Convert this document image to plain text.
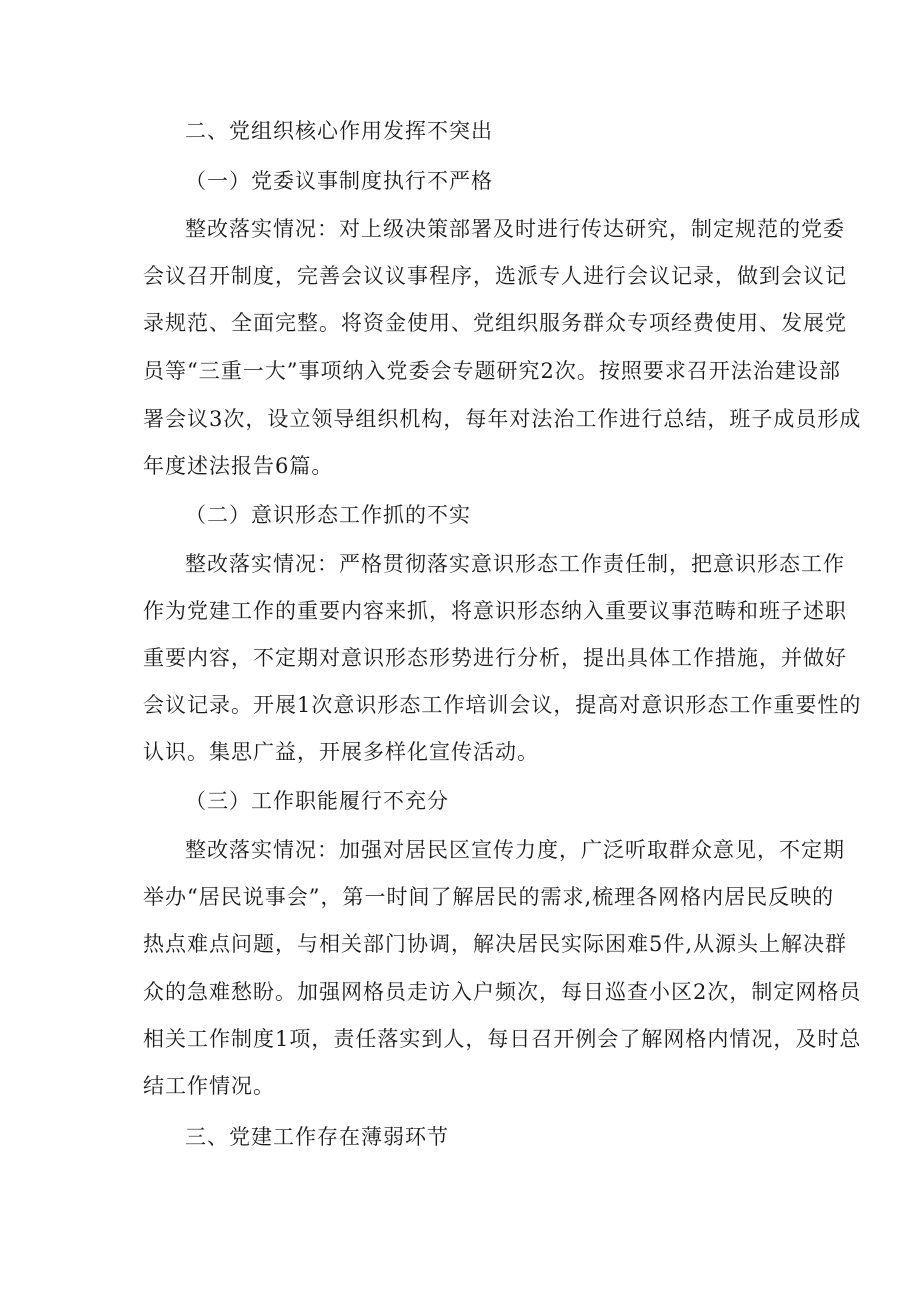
二、党组织核心作用发挥不突出
（一）党委议事制度执行不严格
整改落实情况：对上级决策部署及时进行传达研究，制定规范的党委
会议召开制度，完善会议议事程序，选派专人进行会议记录，做到会议记
录规范、全面完整。将资金使用、党组织服务群众专项经费使用、发展党
员等“三重一大”事项纳入党委会专题研究2次。按照要求召开法治建设部
署会议3次，设立领导组织机构，每年对法治工作进行总结，班子成员形成
年度述法报告6篇。
（二）意识形态工作抓的不实
整改落实情况：严格贯彻落实意识形态工作责任制，把意识形态工作
作为党建工作的重要内容来抓，将意识形态纳入重要议事范畴和班子述职
重要内容，不定期对意识形态形势进行分析，提出具体工作措施，并做好
会议记录。开展1次意识形态工作培训会议，提高对意识形态工作重要性的
认识。集思广益，开展多样化宣传活动。
（三）工作职能履行不充分
整改落实情况：加强对居民区宣传力度，广泛听取群众意见，不定期
举办“居民说事会”，第一时间了解居民的需求,梳理各网格内居民反映的
热点难点问题，与相关部门协调，解决居民实际困难5件,从源头上解决群
众的急难愁盼。加强网格员走访入户频次，每日巡查小区2次，制定网格员
相关工作制度1项，责任落实到人，每日召开例会了解网格内情况，及时总
结工作情况。
三、党建工作存在薄弱环节
